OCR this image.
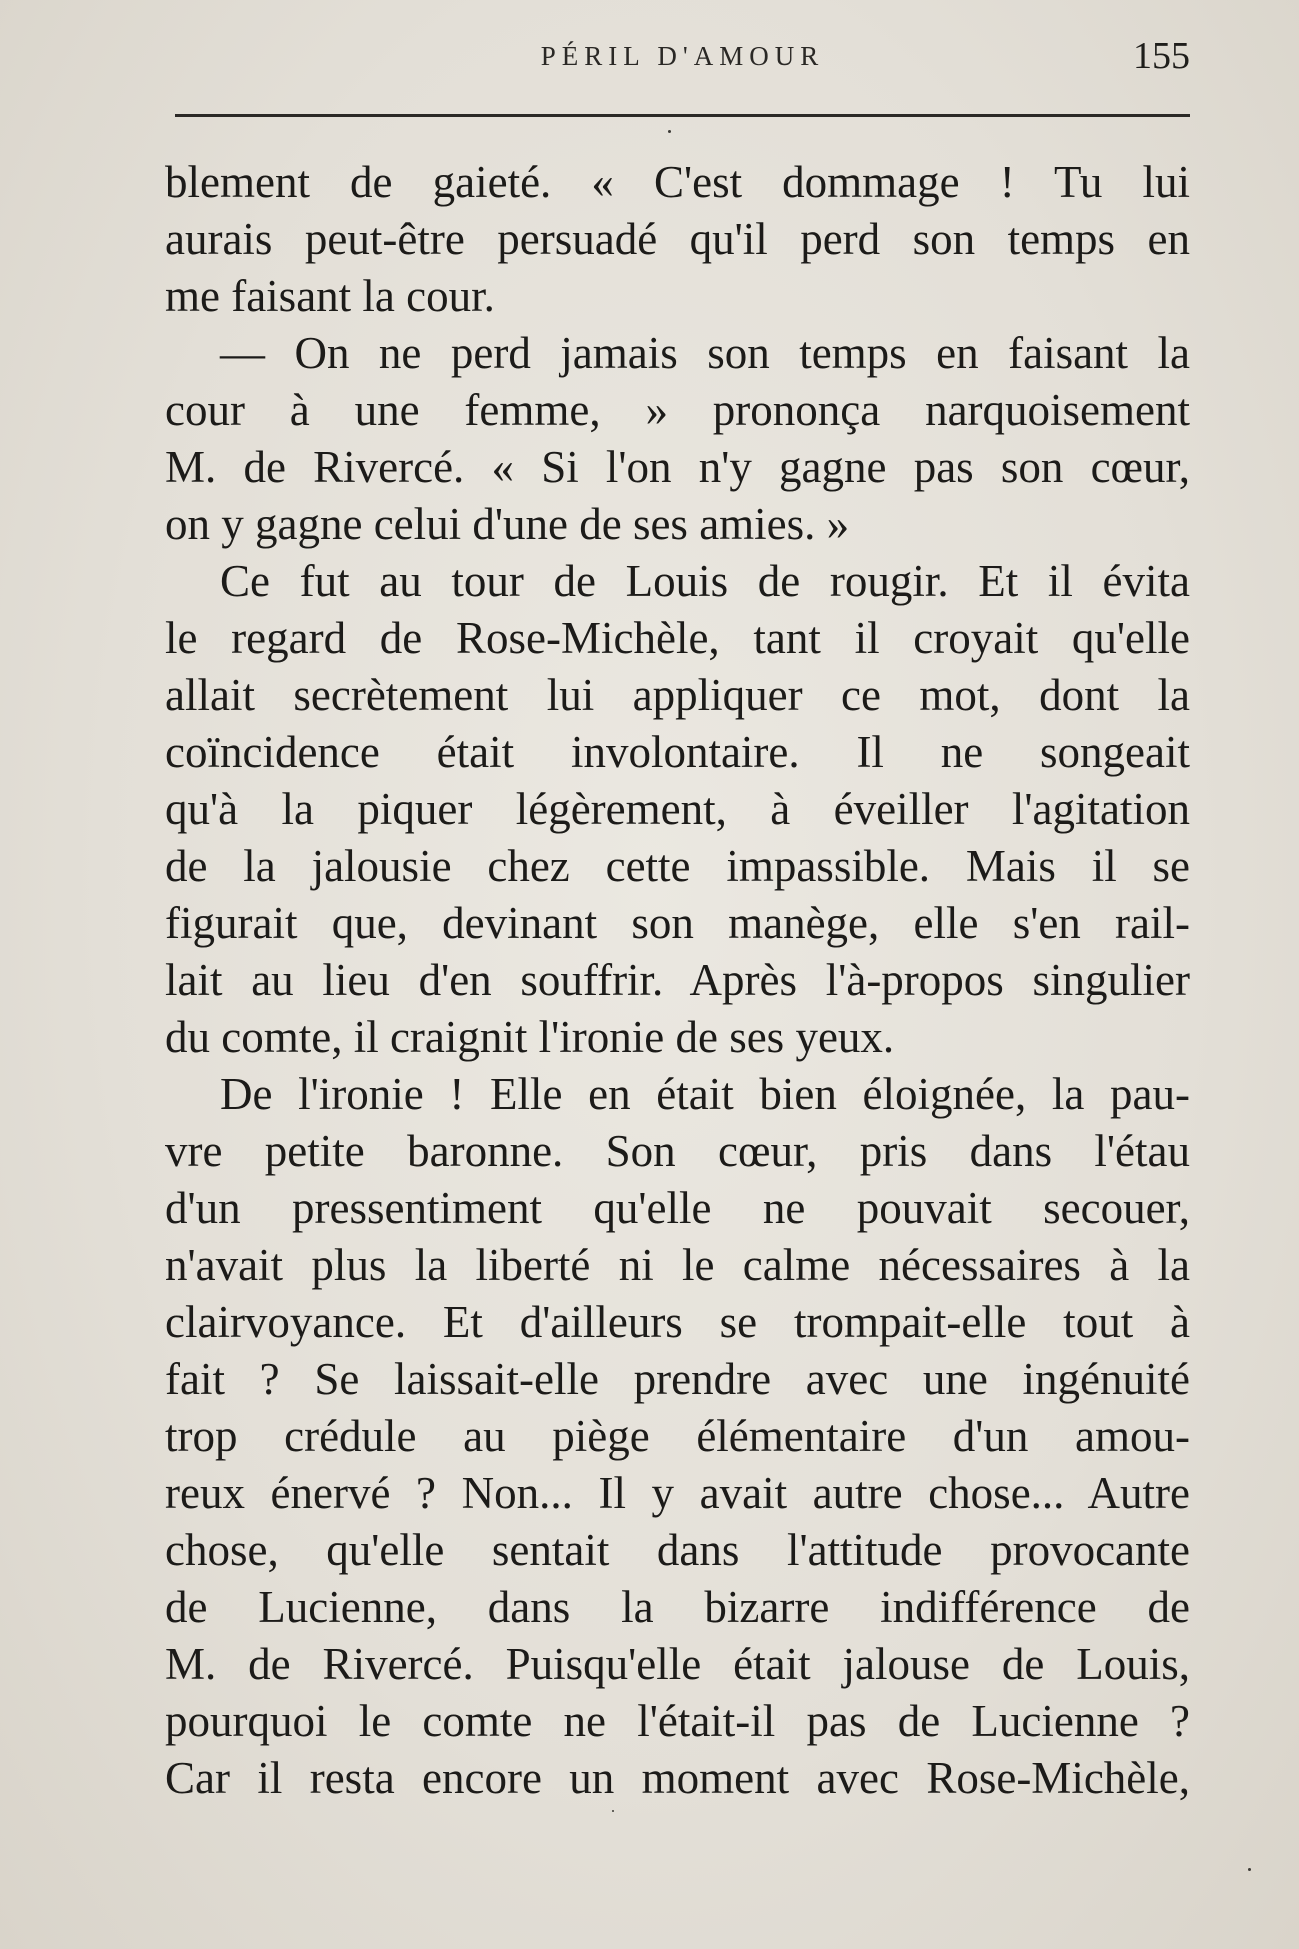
PÉRIL D'AMOUR	155
blement de gaieté. « C'est dommage ! Tu lui
aurais peut-être persuadé qu'il perd son temps en
me faisant la cour.
— On ne perd jamais son temps en faisant la
cour à une femme, » prononça narquoisement
M. de Rivercé. « Si l'on n'y gagne pas son cœur,
on y gagne celui d'une de ses amies. »
Ce fut au tour de Louis de rougir. Et il évita
le regard de Rose-Michèle, tant il croyait qu'elle
allait secrètement lui appliquer ce mot, dont la
coïncidence était involontaire. Il ne songeait
qu'à la piquer légèrement, à éveiller l'agitation
de la jalousie chez cette impassible. Mais il se
figurait que, devinant son manège, elle s'en rail-
lait au lieu d'en souffrir. Après l'à-propos singulier
du comte, il craignit l'ironie de ses yeux.
De l'ironie ! Elle en était bien éloignée, la pau-
vre petite baronne. Son cœur, pris dans l'étau
d'un pressentiment qu'elle ne pouvait secouer,
n'avait plus la liberté ni le calme nécessaires à la
clairvoyance. Et d'ailleurs se trompait-elle tout à
fait ? Se laissait-elle prendre avec une ingénuité
trop crédule au piège élémentaire d'un amou-
reux énervé ? Non... Il y avait autre chose... Autre
chose, qu'elle sentait dans l'attitude provocante
de Lucienne, dans la bizarre indifférence de
M. de Rivercé. Puisqu'elle était jalouse de Louis,
pourquoi le comte ne l'était-il pas de Lucienne ?
Car il resta encore un moment avec Rose-Michèle,
